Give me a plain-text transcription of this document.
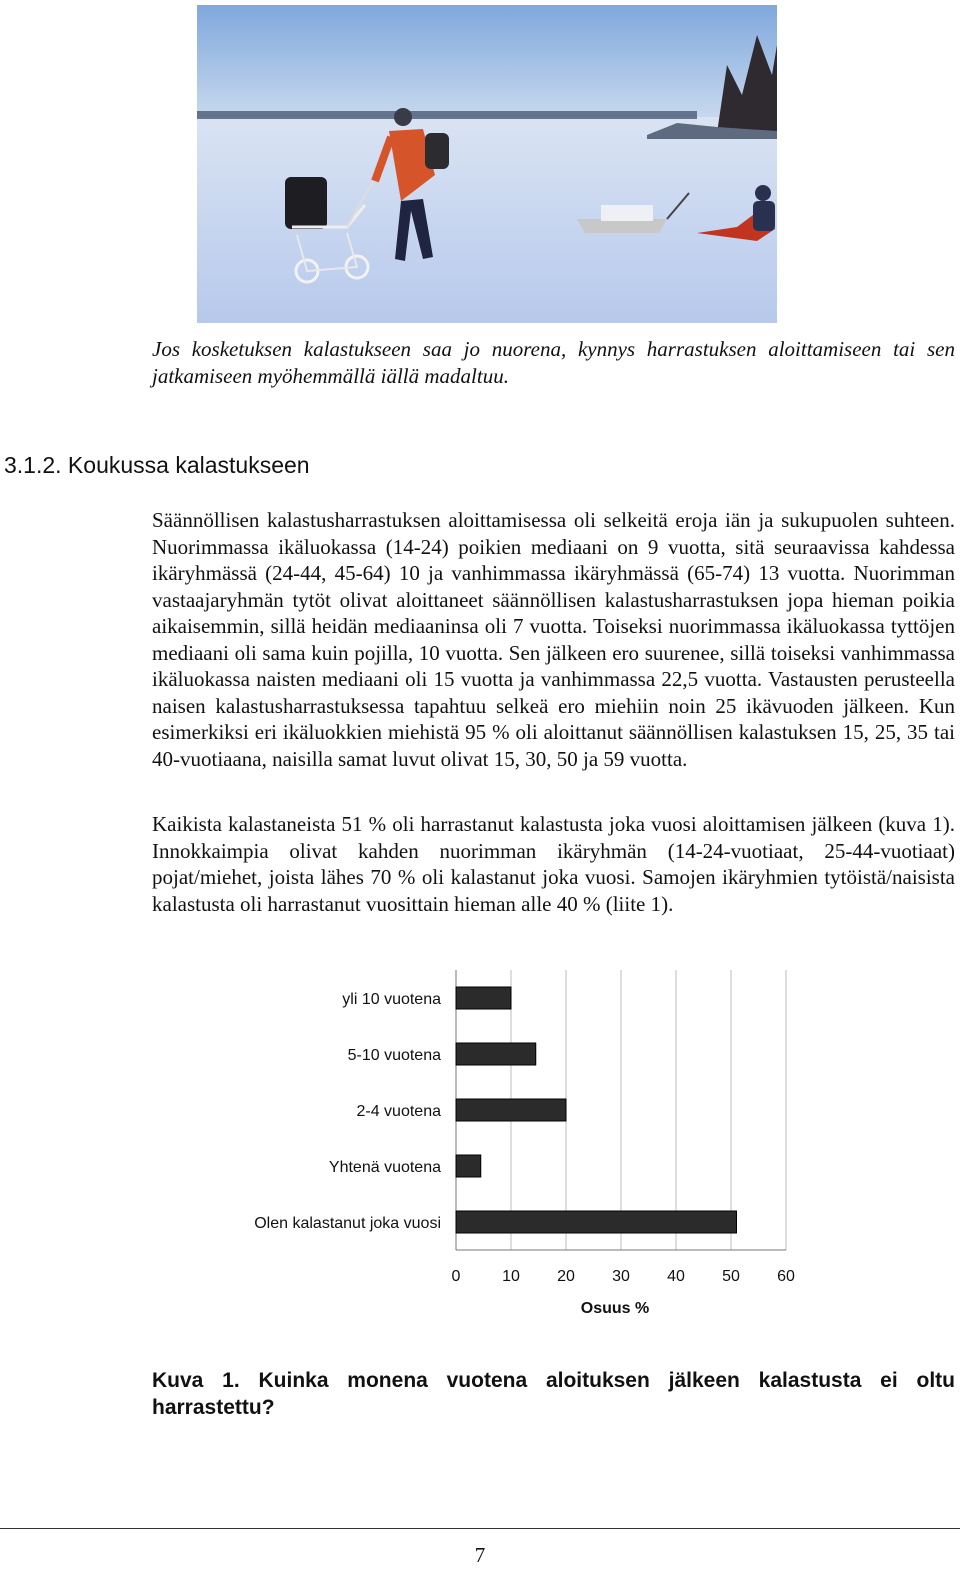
Jos kosketuksen kalastukseen saa jo nuorena, kynnys harrastuksen aloittamiseen tai sen jatkamiseen myöhemmällä iällä madaltuu.
3.1.2. Koukussa kalastukseen
Säännöllisen kalastusharrastuksen aloittamisessa oli selkeitä eroja iän ja sukupuolen suhteen. Nuorimmassa ikäluokassa (14-24) poikien mediaani on 9 vuotta, sitä seuraavissa kahdessa ikäryhmässä (24-44, 45-64) 10 ja vanhimmassa ikäryhmässä (65-74) 13 vuotta. Nuorimman vastaajaryhmän tytöt olivat aloittaneet säännöllisen kalastusharrastuksen jopa hieman poikia aikaisemmin, sillä heidän mediaaninsa oli 7 vuotta. Toiseksi nuorimmassa ikäluokassa tyttöjen mediaani oli sama kuin pojilla, 10 vuotta. Sen jälkeen ero suurenee, sillä toiseksi vanhimmassa ikäluokassa naisten mediaani oli 15 vuotta ja vanhimmassa 22,5 vuotta. Vastausten perusteella naisen kalastusharrastuksessa tapahtuu selkeä ero miehiin noin 25 ikävuoden jälkeen. Kun esimerkiksi eri ikäluokkien miehistä 95 % oli aloittanut säännöllisen kalastuksen 15, 25, 35 tai 40-vuotiaana, naisilla samat luvut olivat 15, 30, 50 ja 59 vuotta.
Kaikista kalastaneista 51 % oli harrastanut kalastusta joka vuosi aloittamisen jälkeen (kuva 1). Innokkaimpia olivat kahden nuorimman ikäryhmän (14-24-vuotiaat, 25-44-vuotiaat) pojat/miehet, joista lähes 70 % oli kalastanut joka vuosi. Samojen ikäryhmien tytöistä/naisista kalastusta oli harrastanut vuosittain hieman alle 40 % (liite 1).
yli 10 vuotena
5-10 vuotena
2-4 vuotena
Yhtenä vuotena
Olen kalastanut joka vuosi
0	10 20 30 40 50 60
Osuus %
Kuva 1. Kuinka monena vuotena aloituksen jälkeen kalastusta ei oltu harrastettu?
7
